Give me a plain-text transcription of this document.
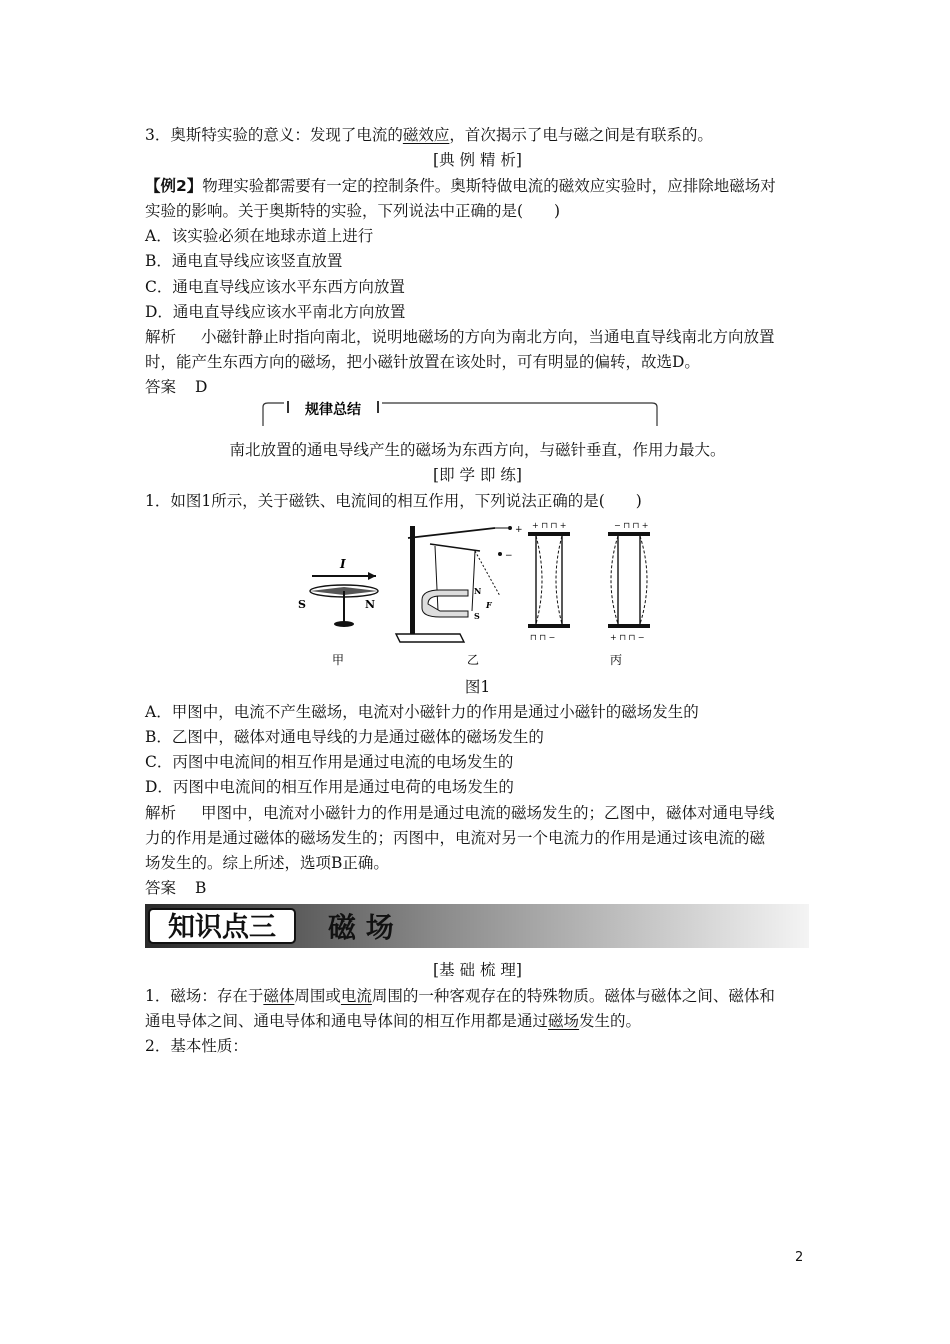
3．奥斯特实验的意义：发现了电流的磁效应，首次揭示了电与磁之间是有联系的。
[典 例 精 析]
【例2】物理实验都需要有一定的控制条件。奥斯特做电流的磁效应实验时，应排除地磁场对
实验的影响。关于奥斯特的实验，下列说法中正确的是(　　)
A．该实验必须在地球赤道上进行
B．通电直导线应该竖直放置
C．通电直导线应该水平东西方向放置
D．通电直导线应该水平南北方向放置
解析 小磁针静止时指向南北，说明地磁场的方向为南北方向，当通电直导线南北方向放置
时，能产生东西方向的磁场，把小磁针放置在该处时，可有明显的偏转，故选D。
答案 D
规律总结
南北放置的通电导线产生的磁场为东西方向，与磁针垂直，作用力最大。
[即 学 即 练]
1．如图1所示，关于磁铁、电流间的相互作用，下列说法正确的是(　　)
I
S	N
+
−
N
S
F
+ ⊓ ⊓ +
⊓ ⊓ −
− ⊓ ⊓ +
+ ⊓ ⊓ −
甲	乙	丙
图1
A．甲图中，电流不产生磁场，电流对小磁针力的作用是通过小磁针的磁场发生的
B．乙图中，磁体对通电导线的力是通过磁体的磁场发生的
C．丙图中电流间的相互作用是通过电流的电场发生的
D．丙图中电流间的相互作用是通过电荷的电场发生的
解析 甲图中，电流对小磁针力的作用是通过电流的磁场发生的；乙图中，磁体对通电导线
力的作用是通过磁体的磁场发生的；丙图中，电流对另一个电流力的作用是通过该电流的磁
场发生的。综上所述，选项B正确。
答案 B
知识点三 磁 场
[基 础 梳 理]
1．磁场：存在于磁体周围或电流周围的一种客观存在的特殊物质。磁体与磁体之间、磁体和
通电导体之间、通电导体和通电导体间的相互作用都是通过磁场发生的。
2．基本性质：
2
